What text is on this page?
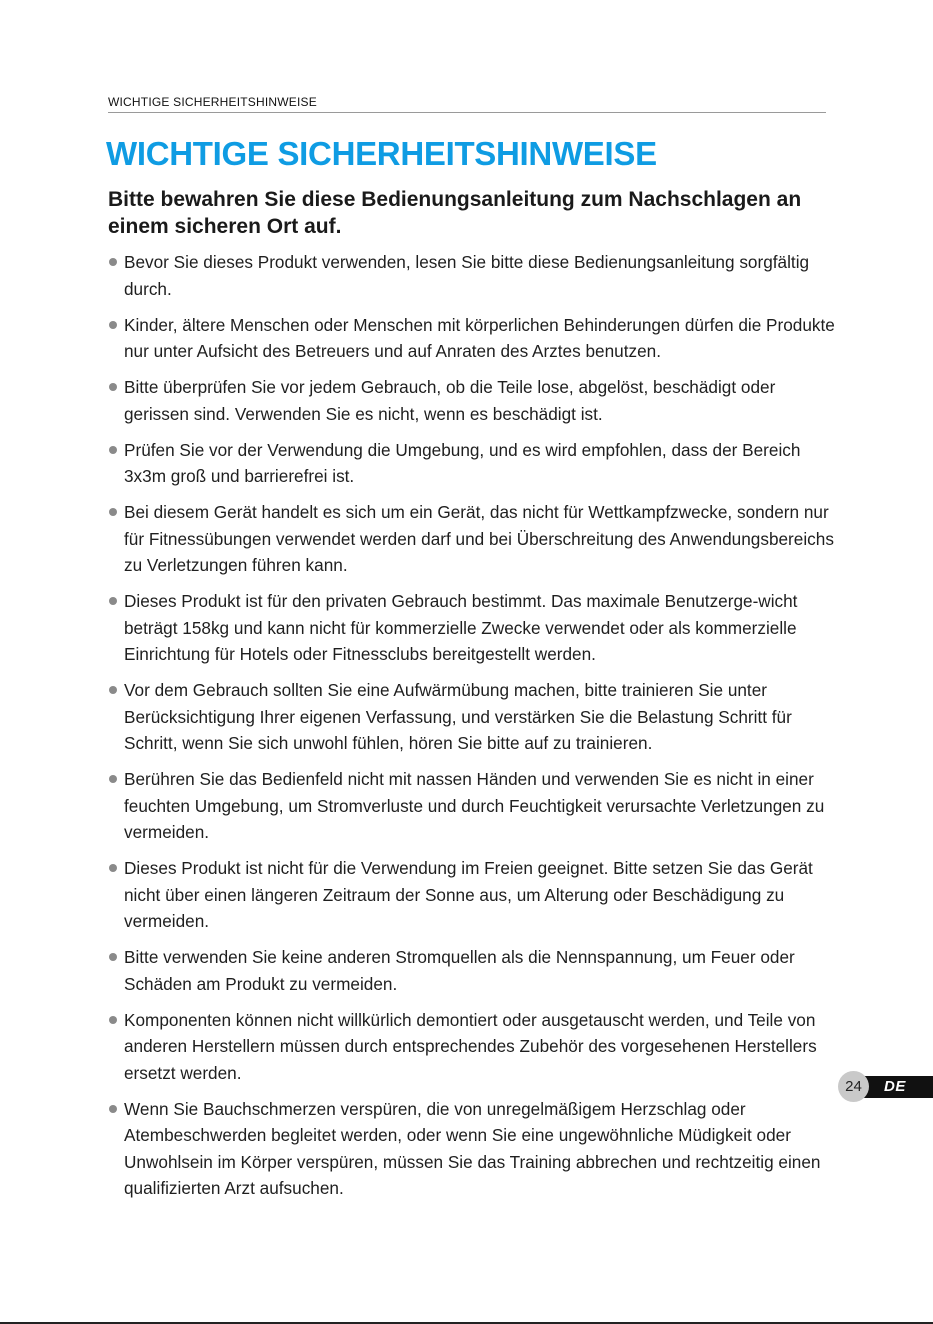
WICHTIGE SICHERHEITSHINWEISE
WICHTIGE SICHERHEITSHINWEISE
Bitte bewahren Sie diese Bedienungsanleitung zum Nachschlagen an einem sicheren Ort auf.
Bevor Sie dieses Produkt verwenden, lesen Sie bitte diese Bedienungsanleitung sorgfältig durch.
Kinder, ältere Menschen oder Menschen mit körperlichen Behinderungen dürfen die Produkte nur unter Aufsicht des Betreuers und auf Anraten des Arztes benutzen.
Bitte überprüfen Sie vor jedem Gebrauch, ob die Teile lose, abgelöst, beschädigt oder gerissen sind. Verwenden Sie es nicht, wenn es beschädigt ist.
Prüfen Sie vor der Verwendung die Umgebung, und es wird empfohlen, dass der Bereich 3x3m groß und barrierefrei ist.
Bei diesem Gerät handelt es sich um ein Gerät, das nicht für Wettkampfzwecke, sondern nur für Fitnessübungen verwendet werden darf und bei Überschreitung des Anwendungsbereichs zu Verletzungen führen kann.
Dieses Produkt ist für den privaten Gebrauch bestimmt. Das maximale Benutzerge-wicht beträgt 158kg und kann nicht für kommerzielle Zwecke verwendet oder als kommerzielle Einrichtung für Hotels oder Fitnessclubs bereitgestellt werden.
Vor dem Gebrauch sollten Sie eine Aufwärmübung machen, bitte trainieren Sie unter Berücksichtigung Ihrer eigenen Verfassung, und verstärken Sie die Belastung Schritt für Schritt, wenn Sie sich unwohl fühlen, hören Sie bitte auf zu trainieren.
Berühren Sie das Bedienfeld nicht mit nassen Händen und verwenden Sie es nicht in einer feuchten Umgebung, um Stromverluste und durch Feuchtigkeit verursachte Verletzungen zu vermeiden.
Dieses Produkt ist nicht für die Verwendung im Freien geeignet. Bitte setzen Sie das Gerät nicht über einen längeren Zeitraum der Sonne aus, um Alterung oder Beschädigung zu vermeiden.
Bitte verwenden Sie keine anderen Stromquellen als die Nennspannung, um Feuer oder Schäden am Produkt zu vermeiden.
Komponenten können nicht willkürlich demontiert oder ausgetauscht werden, und Teile von anderen Herstellern müssen durch entsprechendes Zubehör des vorgesehenen Herstellers ersetzt werden.
Wenn Sie Bauchschmerzen verspüren, die von unregelmäßigem Herzschlag oder Atembeschwerden begleitet werden, oder wenn Sie eine ungewöhnliche Müdigkeit oder Unwohlsein im Körper verspüren, müssen Sie das Training abbrechen und rechtzeitig einen qualifizierten Arzt aufsuchen.
24	DE
